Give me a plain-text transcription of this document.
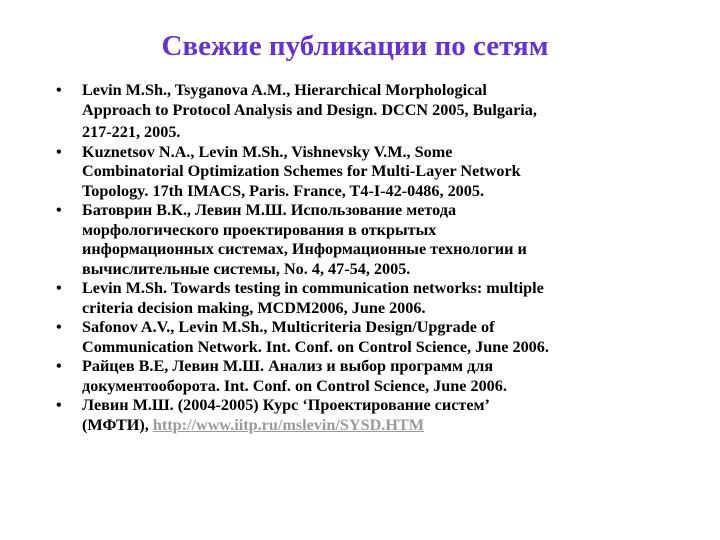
Свежие публикации по сетям
• Levin M.Sh., Tsyganova A.M., Hierarchical Morphological
Approach to Protocol Analysis and Design. DCCN 2005, Bulgaria,
217-221, 2005.
• Kuznetsov N.A., Levin M.Sh., Vishnevsky V.M., Some
Combinatorial Optimization Schemes for Multi-Layer Network
Topology. 17th IMACS, Paris. France, T4-I-42-0486, 2005.
• Батоврин В.К., Левин М.Ш. Использование метода
морфологического проектирования в открытых
информационных системах, Информационные технологии и
вычислительные системы, No. 4, 47-54, 2005.
• Levin M.Sh. Towards testing in communication networks: multiple
criteria decision making, MCDM2006, June 2006.
• Safonov A.V., Levin M.Sh., Multicriteria Design/Upgrade of
Communication Network. Int. Conf. on Control Science, June 2006.
• Райцев В.Е, Левин М.Ш. Анализ и выбор программ для
документооборота. Int. Conf. on Control Science, June 2006.
• Левин М.Ш. (2004-2005) Курс ‘Проектирование систем’
(МФТИ), http://www.iitp.ru/mslevin/SYSD.HTM
